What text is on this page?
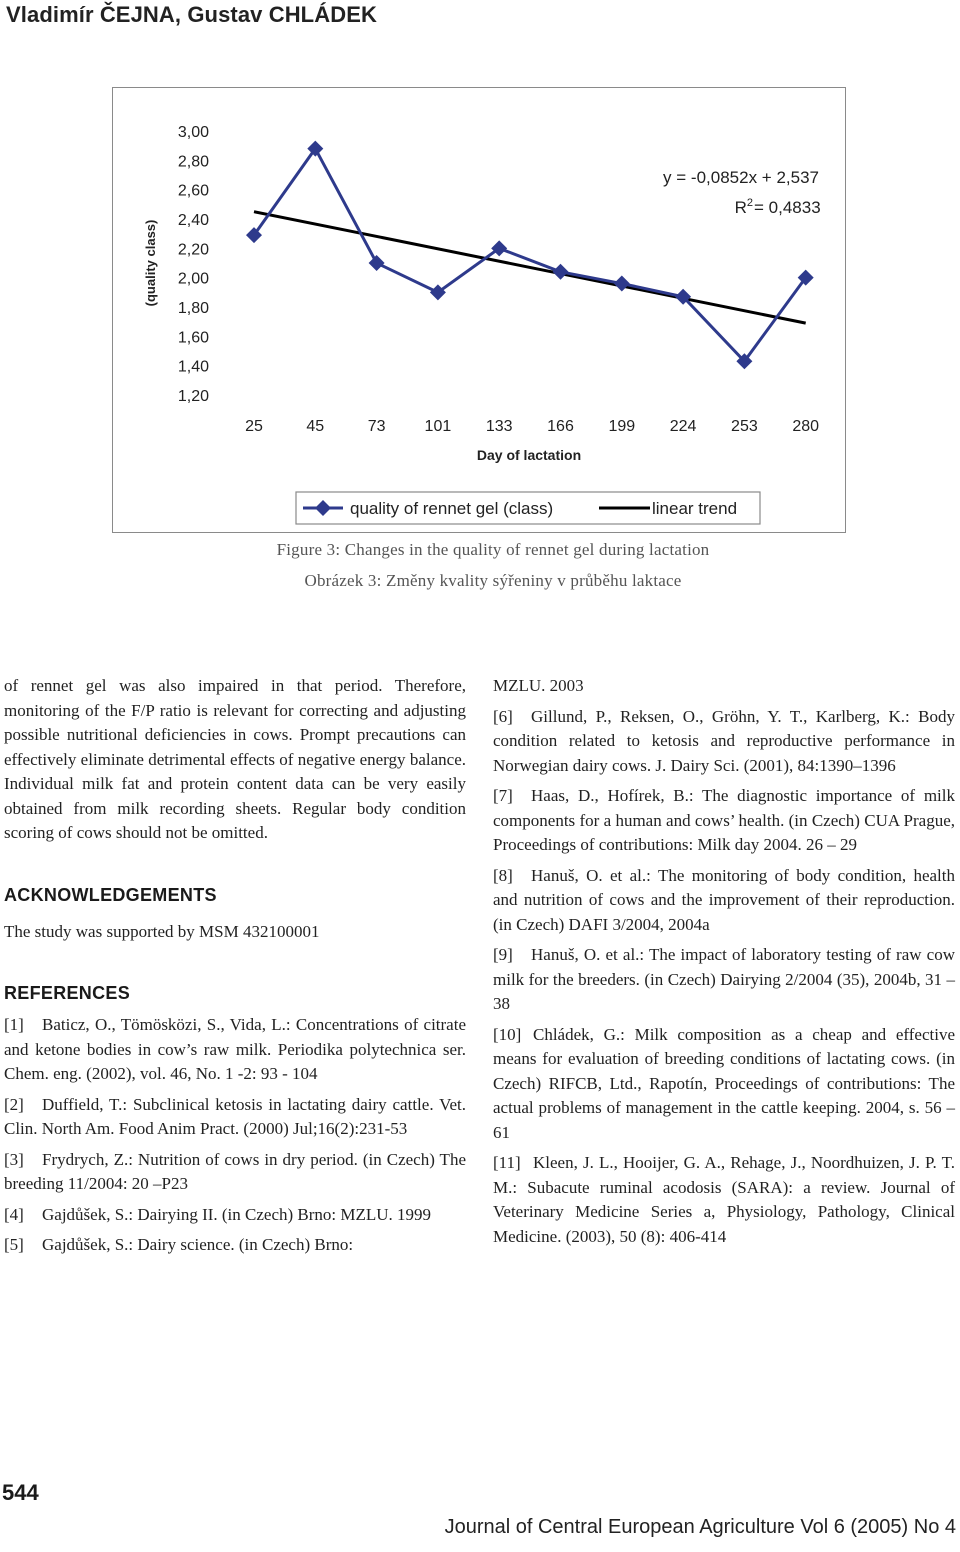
Vladimír ČEJNA, Gustav CHLÁDEK
3,00
2,80
2,60
2,40
2,20
2,00
1,80
1,60
1,40
1,20
(quality class)
25	45	73 101 133 166 199 224 253 280
Day of lactation
y = -0,0852x + 2,537
$R^2 = 0,4833$
quality of rennet gel (class)	linear trend
Figure 3: Changes in the quality of rennet gel during lactation
Obrázek 3: Změny kvality sýřeniny v průběhu laktace

of rennet gel was also impaired in that period. Therefore, monitoring of the F/P ratio is relevant for correcting and adjusting possible nutritional deficiencies in cows. Prompt precautions can effectively eliminate detrimental effects of negative energy balance. Individual milk fat and protein content data can be very easily obtained from milk recording sheets. Regular body condition scoring of cows should not be omitted.

ACKNOWLEDGEMENTS

The study was supported by MSM 432100001

REFERENCES

[1] Baticz, O., Tömösközi, S., Vida, L.: Concentrations of citrate and ketone bodies in cow’s raw milk. Periodika polytechnica ser. Chem. eng. (2002), vol. 46, No. 1 -2: 93 - 104

[2] Duffield, T.: Subclinical ketosis in lactating dairy cattle. Vet. Clin. North Am. Food Anim Pract. (2000) Jul;16(2):231-53

[3] Frydrych, Z.: Nutrition of cows in dry period. (in Czech) The breeding 11/2004: 20 –P23

[4] Gajdůšek, S.: Dairying II. (in Czech) Brno: MZLU. 1999

[5] Gajdůšek, S.: Dairy science. (in Czech) Brno:

MZLU. 2003

[6] Gillund, P., Reksen, O., Gröhn, Y. T., Karlberg, K.: Body condition related to ketosis and reproductive performance in Norwegian dairy cows. J. Dairy Sci. (2001), 84:1390–1396

[7] Haas, D., Hofírek, B.: The diagnostic importance of milk components for a human and cows’ health. (in Czech) CUA Prague, Proceedings of contributions: Milk day 2004. 26 – 29

[8] Hanuš, O. et al.: The monitoring of body condition, health and nutrition of cows and the improvement of their reproduction. (in Czech) DAFI 3/2004, 2004a

[9] Hanuš, O. et al.: The impact of laboratory testing of raw cow milk for the breeders. (in Czech) Dairying 2/2004 (35), 2004b, 31 – 38

[10] Chládek, G.: Milk composition as a cheap and effective means for evaluation of breeding conditions of lactating cows. (in Czech) RIFCB, Ltd., Rapotín, Proceedings of contributions: The actual problems of management in the cattle keeping. 2004, s. 56 – 61

[11] Kleen, J. L., Hooijer, G. A., Rehage, J., Noordhuizen, J. P. T. M.: Subacute ruminal acodosis (SARA): a review. Journal of Veterinary Medicine Series a, Physiology, Pathology, Clinical Medicine. (2003), 50 (8): 406-414

544
Journal of Central European Agriculture Vol 6 (2005) No 4
